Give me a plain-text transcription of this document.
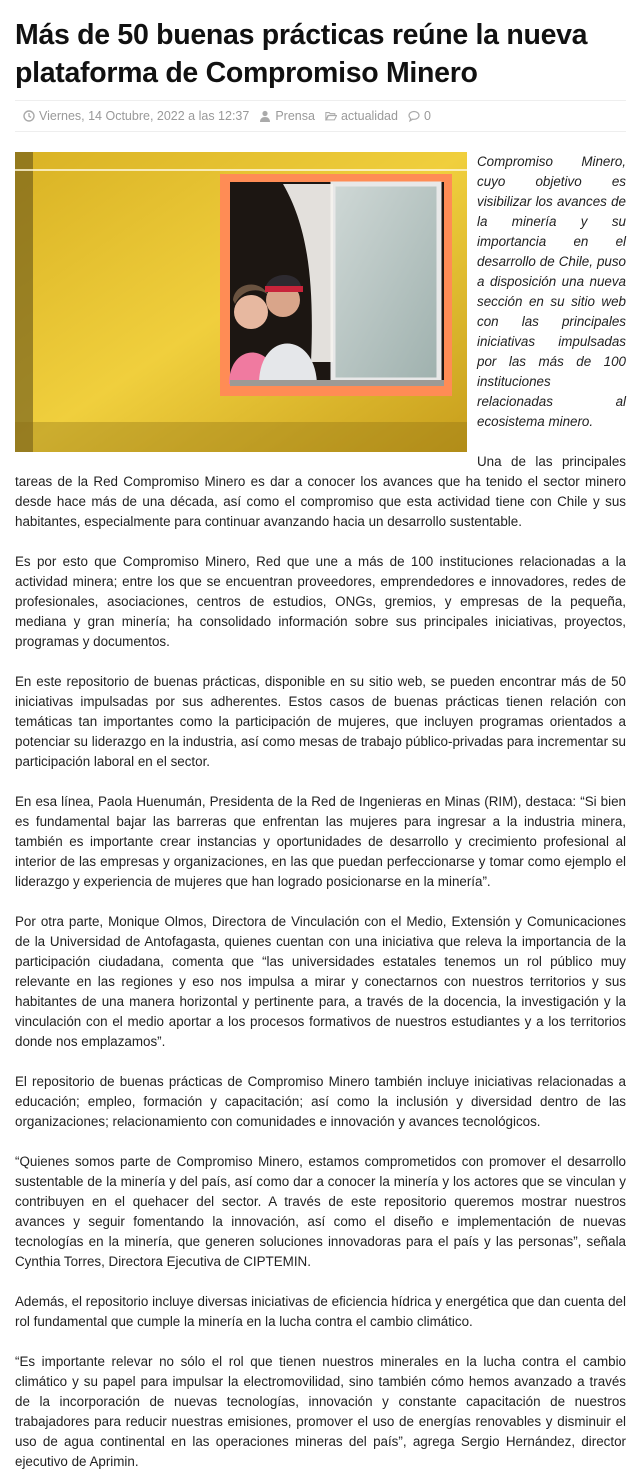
Más de 50 buenas prácticas reúne la nueva plataforma de Compromiso Minero
Viernes, 14 Octubre, 2022 a las 12:37 Prensa actualidad 0

Compromiso Minero, cuyo objetivo es visibilizar los avances de la minería y su importancia en el desarrollo de Chile, puso a disposición una nueva sección en su sitio web con las principales iniciativas impulsadas por las más de 100 instituciones relacionadas al ecosistema minero.

Una de las principales tareas de la Red Compromiso Minero es dar a conocer los avances que ha tenido el sector minero desde hace más de una década, así como el compromiso que esta actividad tiene con Chile y sus habitantes, especialmente para continuar avanzando hacia un desarrollo sustentable.

Es por esto que Compromiso Minero, Red que une a más de 100 instituciones relacionadas a la actividad minera; entre los que se encuentran proveedores, emprendedores e innovadores, redes de profesionales, asociaciones, centros de estudios, ONGs, gremios, y empresas de la pequeña, mediana y gran minería; ha consolidado información sobre sus principales iniciativas, proyectos, programas y documentos.

En este repositorio de buenas prácticas, disponible en su sitio web, se pueden encontrar más de 50 iniciativas impulsadas por sus adherentes. Estos casos de buenas prácticas tienen relación con temáticas tan importantes como la participación de mujeres, que incluyen programas orientados a potenciar su liderazgo en la industria, así como mesas de trabajo público-privadas para incrementar su participación laboral en el sector.

En esa línea, Paola Huenumán, Presidenta de la Red de Ingenieras en Minas (RIM), destaca: “Si bien es fundamental bajar las barreras que enfrentan las mujeres para ingresar a la industria minera, también es importante crear instancias y oportunidades de desarrollo y crecimiento profesional al interior de las empresas y organizaciones, en las que puedan perfeccionarse y tomar como ejemplo el liderazgo y experiencia de mujeres que han logrado posicionarse en la minería”.

Por otra parte, Monique Olmos, Directora de Vinculación con el Medio, Extensión y Comunicaciones de la Universidad de Antofagasta, quienes cuentan con una iniciativa que releva la importancia de la participación ciudadana, comenta que “las universidades estatales tenemos un rol público muy relevante en las regiones y eso nos impulsa a mirar y conectarnos con nuestros territorios y sus habitantes de una manera horizontal y pertinente para, a través de la docencia, la investigación y la vinculación con el medio aportar a los procesos formativos de nuestros estudiantes y a los territorios donde nos emplazamos”.

El repositorio de buenas prácticas de Compromiso Minero también incluye iniciativas relacionadas a educación; empleo, formación y capacitación; así como la inclusión y diversidad dentro de las organizaciones; relacionamiento con comunidades e innovación y avances tecnológicos.

“Quienes somos parte de Compromiso Minero, estamos comprometidos con promover el desarrollo sustentable de la minería y del país, así como dar a conocer la minería y los actores que se vinculan y contribuyen en el quehacer del sector. A través de este repositorio queremos mostrar nuestros avances y seguir fomentando la innovación, así como el diseño e implementación de nuevas tecnologías en la minería, que generen soluciones innovadoras para el país y las personas”, señala Cynthia Torres, Directora Ejecutiva de CIPTEMIN.

Además, el repositorio incluye diversas iniciativas de eficiencia hídrica y energética que dan cuenta del rol fundamental que cumple la minería en la lucha contra el cambio climático.

“Es importante relevar no sólo el rol que tienen nuestros minerales en la lucha contra el cambio climático y su papel para impulsar la electromovilidad, sino también cómo hemos avanzado a través de la incorporación de nuevas tecnologías, innovación y constante capacitación de nuestros trabajadores para reducir nuestras emisiones, promover el uso de energías renovables y disminuir el uso de agua continental en las operaciones mineras del país”, agrega Sergio Hernández, director ejecutivo de Aprimin.
